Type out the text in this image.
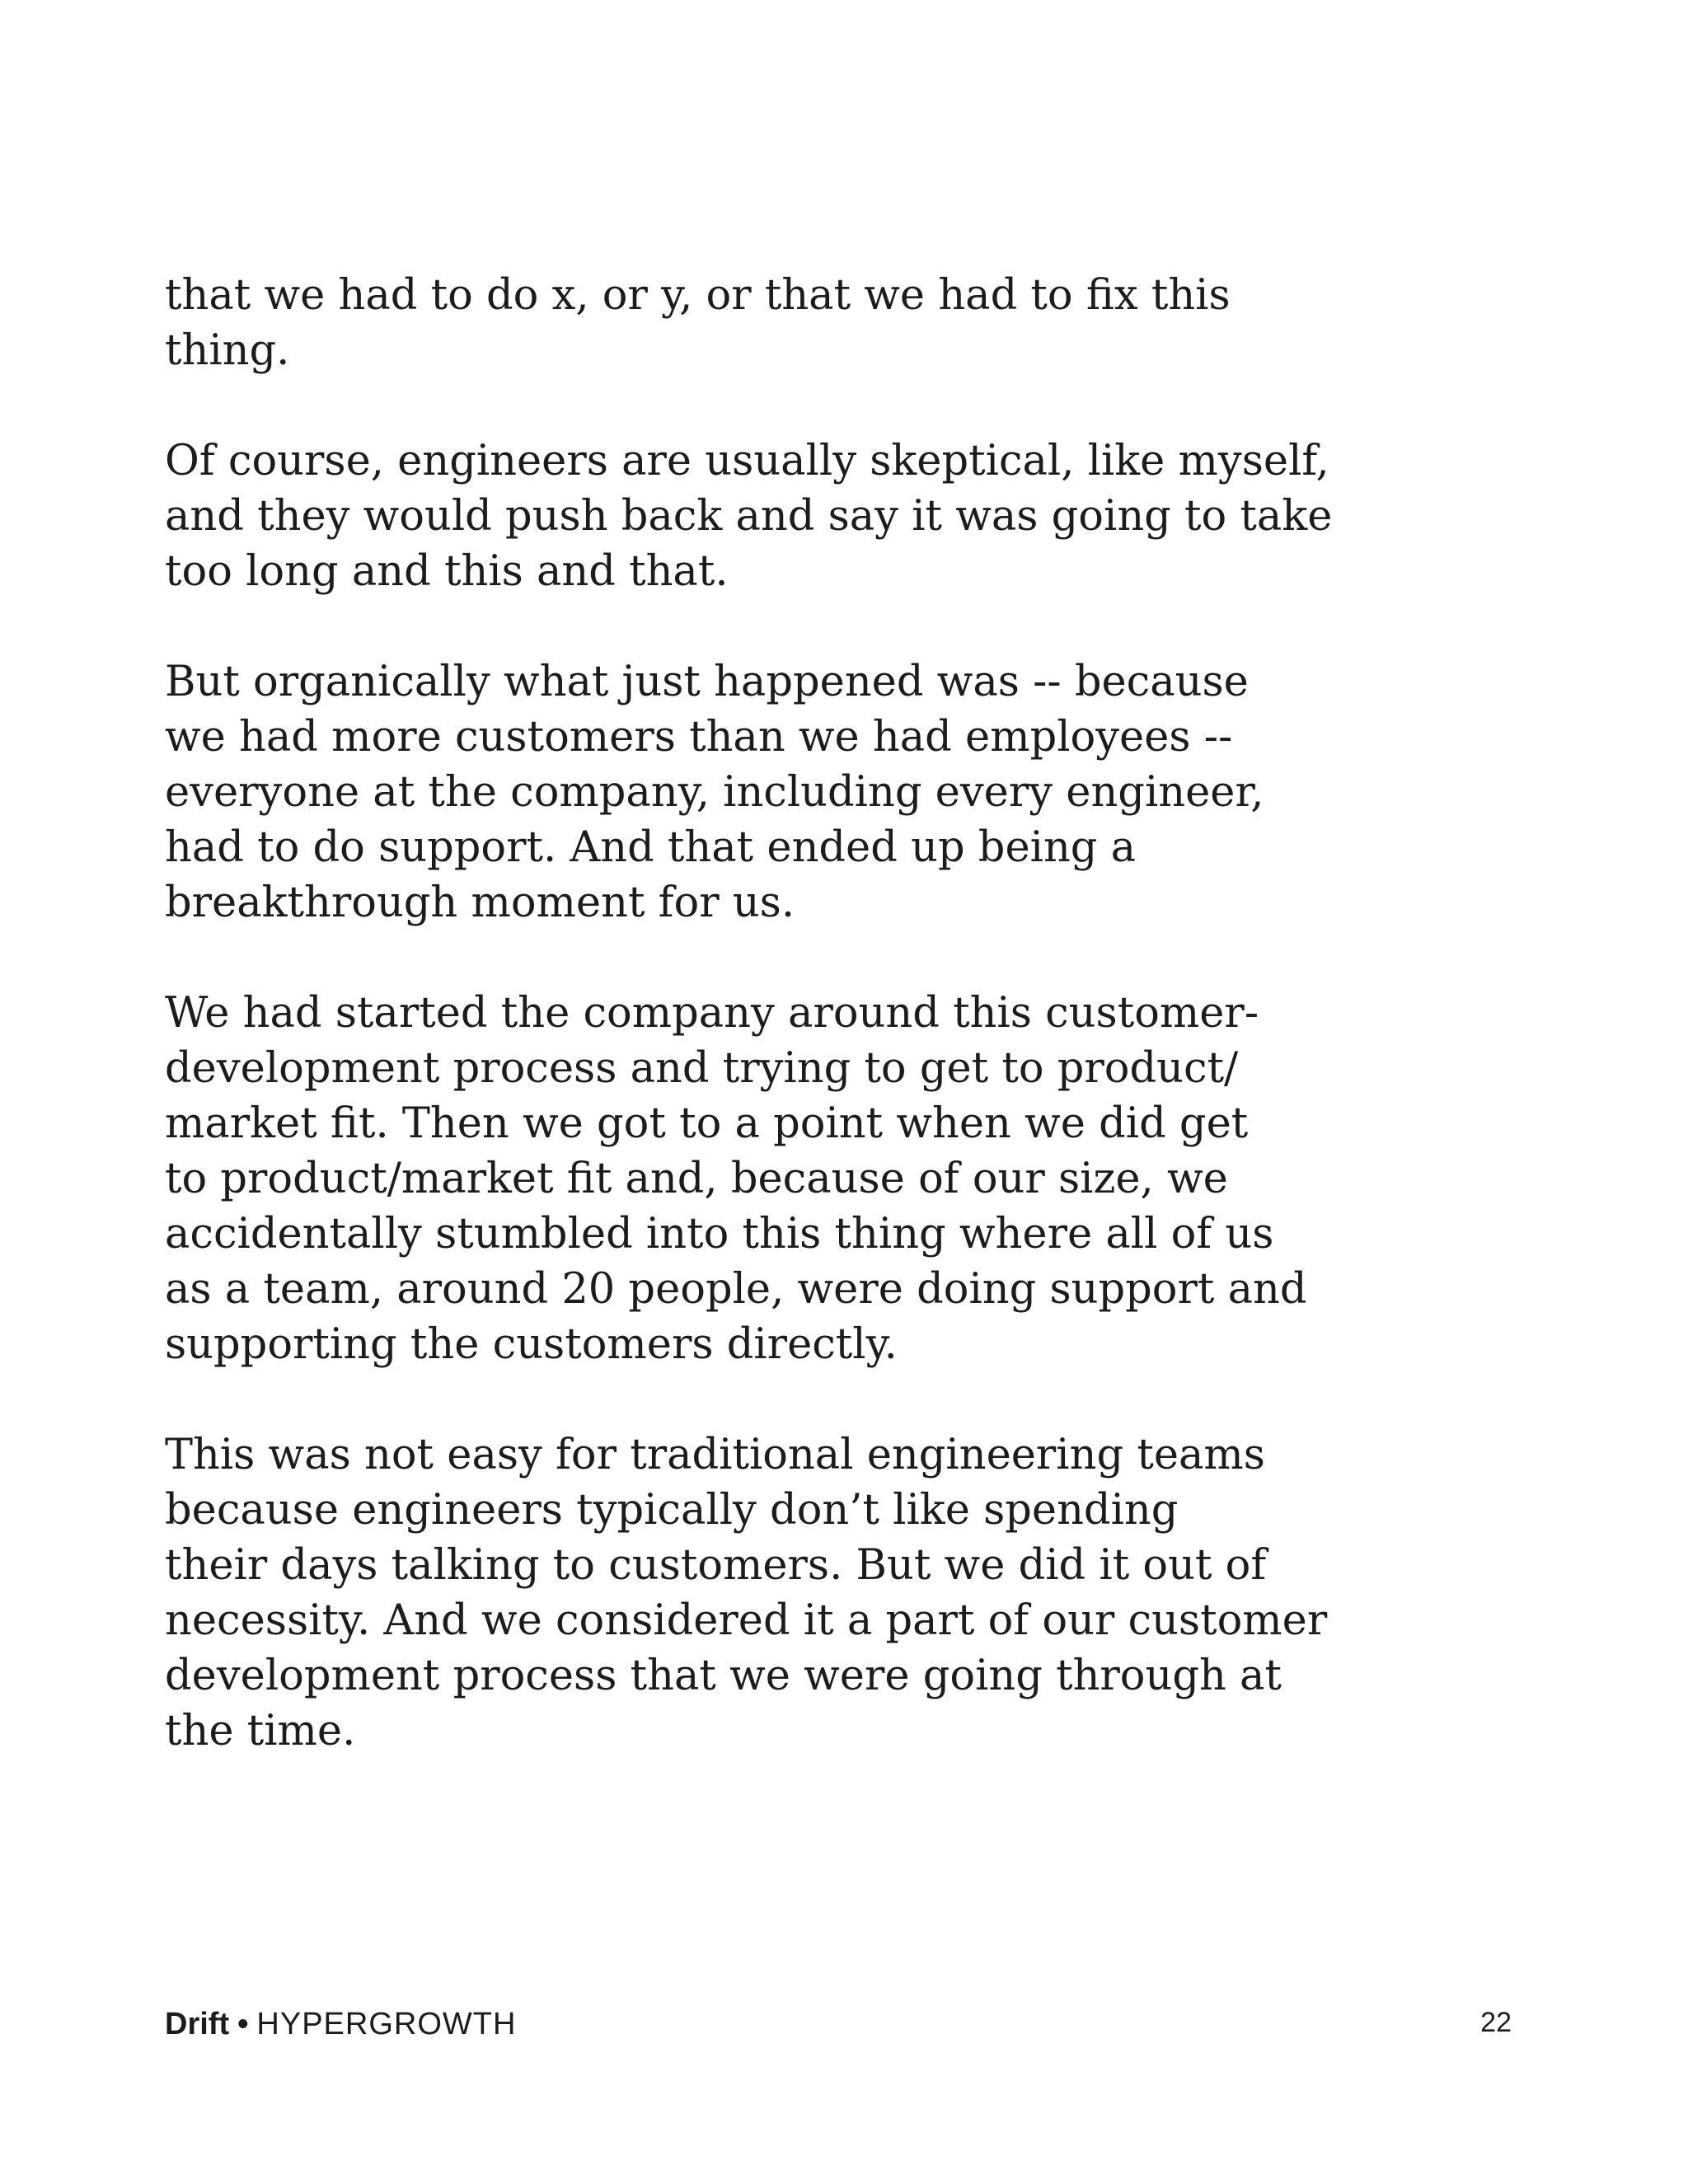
that we had to do x, or y, or that we had to fix this
thing.

Of course, engineers are usually skeptical, like myself,
and they would push back and say it was going to take
too long and this and that.

But organically what just happened was -- because
we had more customers than we had employees --
everyone at the company, including every engineer,
had to do support. And that ended up being a
breakthrough moment for us.

We had started the company around this customer-
development process and trying to get to product/
market fit. Then we got to a point when we did get
to product/market fit and, because of our size, we
accidentally stumbled into this thing where all of us
as a team, around 20 people, were doing support and
supporting the customers directly.

This was not easy for traditional engineering teams
because engineers typically don’t like spending
their days talking to customers. But we did it out of
necessity. And we considered it a part of our customer
development process that we were going through at
the time.

Drift • HYPERGROWTH	22
